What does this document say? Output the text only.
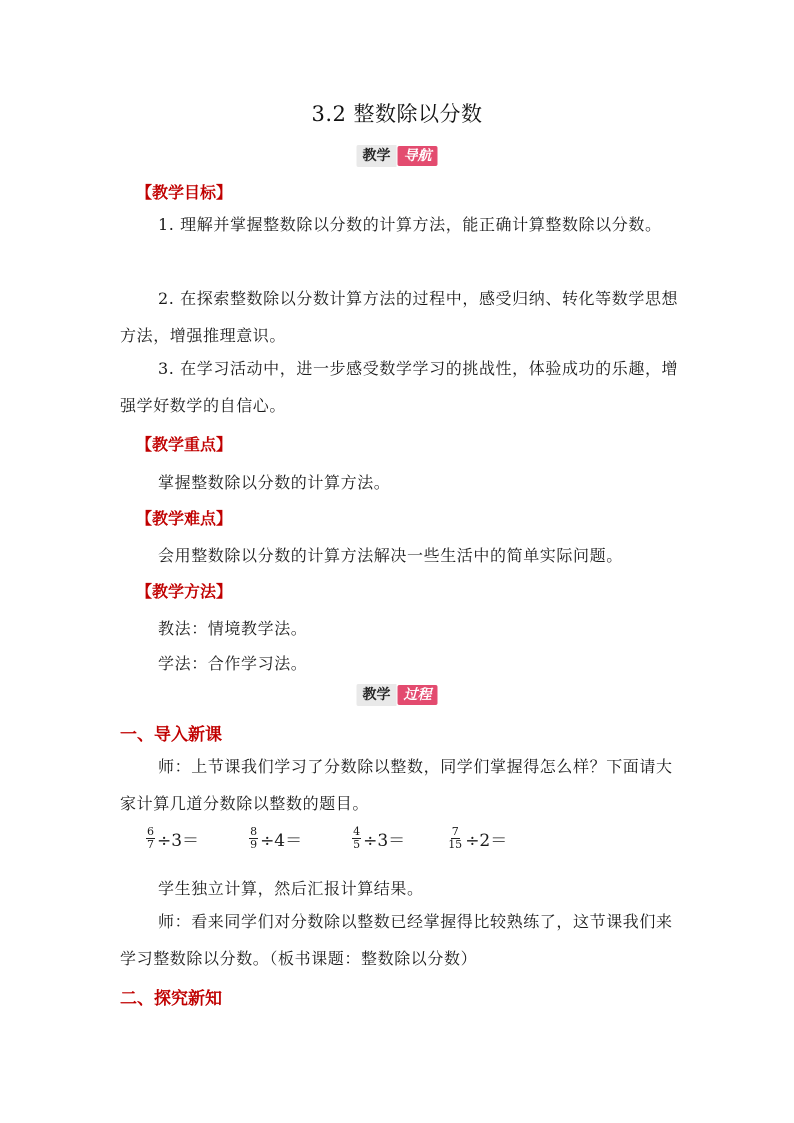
3.2 整数除以分数
教学 导航
【教学目标】
1. 理解并掌握整数除以分数的计算方法，能正确计算整数除以分数。
2. 在探索整数除以分数计算方法的过程中，感受归纳、转化等数学思想方法，增强推理意识。
3. 在学习活动中，进一步感受数学学习的挑战性，体验成功的乐趣，增强学好数学的自信心。
【教学重点】
掌握整数除以分数的计算方法。
【教学难点】
会用整数除以分数的计算方法解决一些生活中的简单实际问题。
【教学方法】
教法：情境教学法。
学法：合作学习法。
教学 过程
一、导入新课
师：上节课我们学习了分数除以整数，同学们掌握得怎么样？下面请大家计算几道分数除以整数的题目。
$\frac{6}{7} \div 3=$	$\frac{8}{9} \div 4=$	$\frac{4}{5} \div 3=$	$\frac{7}{15} \div 2=$
学生独立计算，然后汇报计算结果。
师：看来同学们对分数除以整数已经掌握得比较熟练了，这节课我们来学习整数除以分数。（板书课题：整数除以分数）
二、探究新知
